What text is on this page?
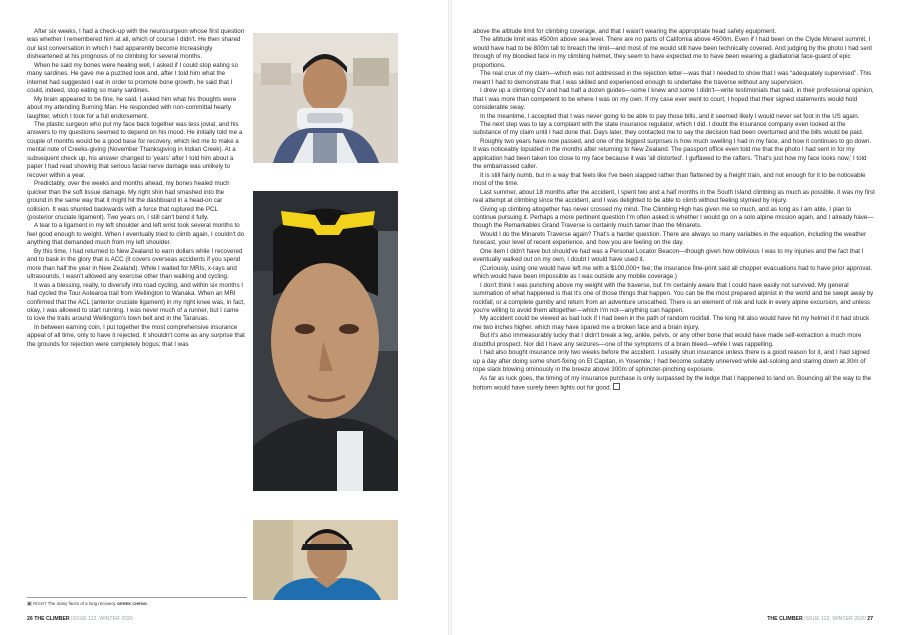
After six weeks, I had a check-up with the neurosurgeon whose first question was whether I remembered him at all, which of course I didn't. He then shared our last conversation in which I had apparently become increasingly disheartened at his prognosis of no climbing for several months.

When he said my bones were healing well, I asked if I could stop eating so many sardines. He gave me a puzzled look and, after I told him what the internet had suggested I eat in order to promote bone growth, he said that I could, indeed, stop eating so many sardines.

My brain appeared to be fine, he said. I asked him what his thoughts were about my attending Burning Man. He responded with non-committal hearty laughter, which I took for a full endorsement.

The plastic surgeon who put my face back together was less jovial, and his answers to my questions seemed to depend on his mood. He initially told me a couple of months would be a good base for recovery, which led me to make a mental note of Creeks-giving (November Thanksgiving in Indian Creek). At a subsequent check up, his answer changed to 'years' after I told him about a paper I had read showing that serious facial nerve damage was unlikely to recover within a year.

Predictably, over the weeks and months ahead, my bones healed much quicker than the soft tissue damage. My right shin had smashed into the ground in the same way that it might hit the dashboard in a head-on car collision. It was shunted backwards with a force that ruptured the PCL (posterior cruciate ligament). Two years on, I still can't bend it fully.

A tear to a ligament in my left shoulder and left wrist took several months to feel good enough to weight. When I eventually tried to climb again, I couldn't do anything that demanded much from my left shoulder.

By this time, I had returned to New Zealand to earn dollars while I recovered and to bask in the glory that is ACC (it covers overseas accidents if you spend more than half the year in New Zealand). While I waited for MRIs, x-rays and ultrasounds, I wasn't allowed any exercise other than walking and cycling.

It was a blessing, really, to diversify into road cycling, and within six months I had cycled the Tour Aotearoa trail from Wellington to Wanaka. When an MRI confirmed that the ACL (anterior cruciate ligament) in my right knee was, in fact, okay, I was allowed to start running. I was never much of a runner, but I came to love the trails around Wellington's town belt and in the Tararuas.

In between earning coin, I put together the most comprehensive insurance appeal of all time, only to have it rejected. It shouldn't come as any surprise that the grounds for rejection were completely bogus; that I was

▣ RIGHT The many faces of a long recovery. DEREK CHENG.
26 THE CLIMBER ISSUE 112, WINTER 2020

above the altitude limit for climbing coverage, and that I wasn't wearing the appropriate head safety equipment.

The altitude limit was 4500m above sea level. There are no parts of California above 4500m. Even if I had been on the Clyde Minaret summit, I would have had to be 800m tall to breach the limit—and most of me would still have been technically covered. And judging by the photo I had sent through of my bloodied face in my climbing helmet, they seem to have expected me to have been wearing a gladiatorial face-guard of epic proportions.

The real crux of my claim—which was not addressed in the rejection letter—was that I needed to show that I was “adequately supervised”. This meant I had to demonstrate that I was skilled and experienced enough to undertake the traverse without any supervision.

I drew up a climbing CV and had half a dozen guides—some I knew and some I didn't—write testimonials that said, in their professional opinion, that I was more than competent to be where I was on my own. If my case ever went to court, I hoped that their signed statements would hold considerable sway.

In the meantime, I accepted that I was never going to be able to pay those bills, and it seemed likely I would never set foot in the US again.

The next step was to lay a complaint with the state insurance regulator, which I did. I doubt the insurance company even looked at the substance of my claim until I had done that. Days later, they contacted me to say the decision had been overturned and the bills would be paid.

Roughly two years have now passed, and one of the biggest surprises is how much swelling I had in my face, and how it continues to go down. It was noticeably lopsided in the months after returning to New Zealand. The passport office even told me that the photo I had sent in for my application had been taken too close to my face because it was 'all distorted'. I guffawed to the rafters. 'That's just how my face looks now,' I told the embarrassed caller.

It is still fairly numb, but in a way that feels like I've been slapped rather than flattened by a freight train, and not enough for it to be noticeable most of the time.

Last summer, about 18 months after the accident, I spent two and a half months in the South Island climbing as much as possible. It was my first real attempt at climbing since the accident, and I was delighted to be able to climb without feeling stymied by injury.

Giving up climbing altogether has never crossed my mind. The Climbing High has given me so much, and as long as I am able, I plan to continue pursuing it. Perhaps a more pertinent question I'm often asked is whether I would go on a solo alpine mission again, and I already have—though the Remarkables Grand Traverse is certainly much tamer than the Minarets.

Would I do the Minarets Traverse again? That's a harder question. There are always so many variables in the equation, including the weather forecast, your level of recent experience, and how you are feeling on the day.

One item I didn't have but should've had was a Personal Locator Beacon—though given how oblivious I was to my injuries and the fact that I eventually walked out on my own, I doubt I would have used it.

(Curiously, using one would have left me with a $100,000+ fee; the insurance fine-print said all chopper evacuations had to have prior approval, which would have been impossible as I was outside any mobile coverage.)

I don't think I was punching above my weight with the traverse, but I'm certainly aware that I could have easily not survived. My general summation of what happened is that it's one of those things that happen. You can be the most prepared alpinist in the world and be swept away by rockfall, or a complete gumby and return from an adventure unscathed. There is an element of risk and luck in every alpine excursion, and unless you're willing to avoid them altogether—which I'm not—anything can happen.

My accident could be viewed as bad luck if I had been in the path of random rockfall. The king hit also would have hit my helmet if it had struck me two inches higher, which may have spared me a broken face and a brain injury.

But it's also immeasurably lucky that I didn't break a leg, ankle, pelvis, or any other bone that would have made self-extraction a much more doubtful prospect. Nor did I have any seizures—one of the symptoms of a brain bleed—while I was rappelling.

I had also bought insurance only two weeks before the accident. I usually shun insurance unless there is a good reason for it, and I had signed up a day after doing some short-fixing on El Capitan, in Yosemite; I had become suitably unnerved while aid-soloing and staring down at 30m of rope slack blowing ominously in the breeze above 300m of sphincter-pinching exposure.

As far as luck goes, the timing of my insurance purchase is only surpassed by the ledge that I happened to land on. Bouncing all the way to the bottom would have surely been lights out for good.

THE CLIMBER ISSUE 112, WINTER 2020 27
